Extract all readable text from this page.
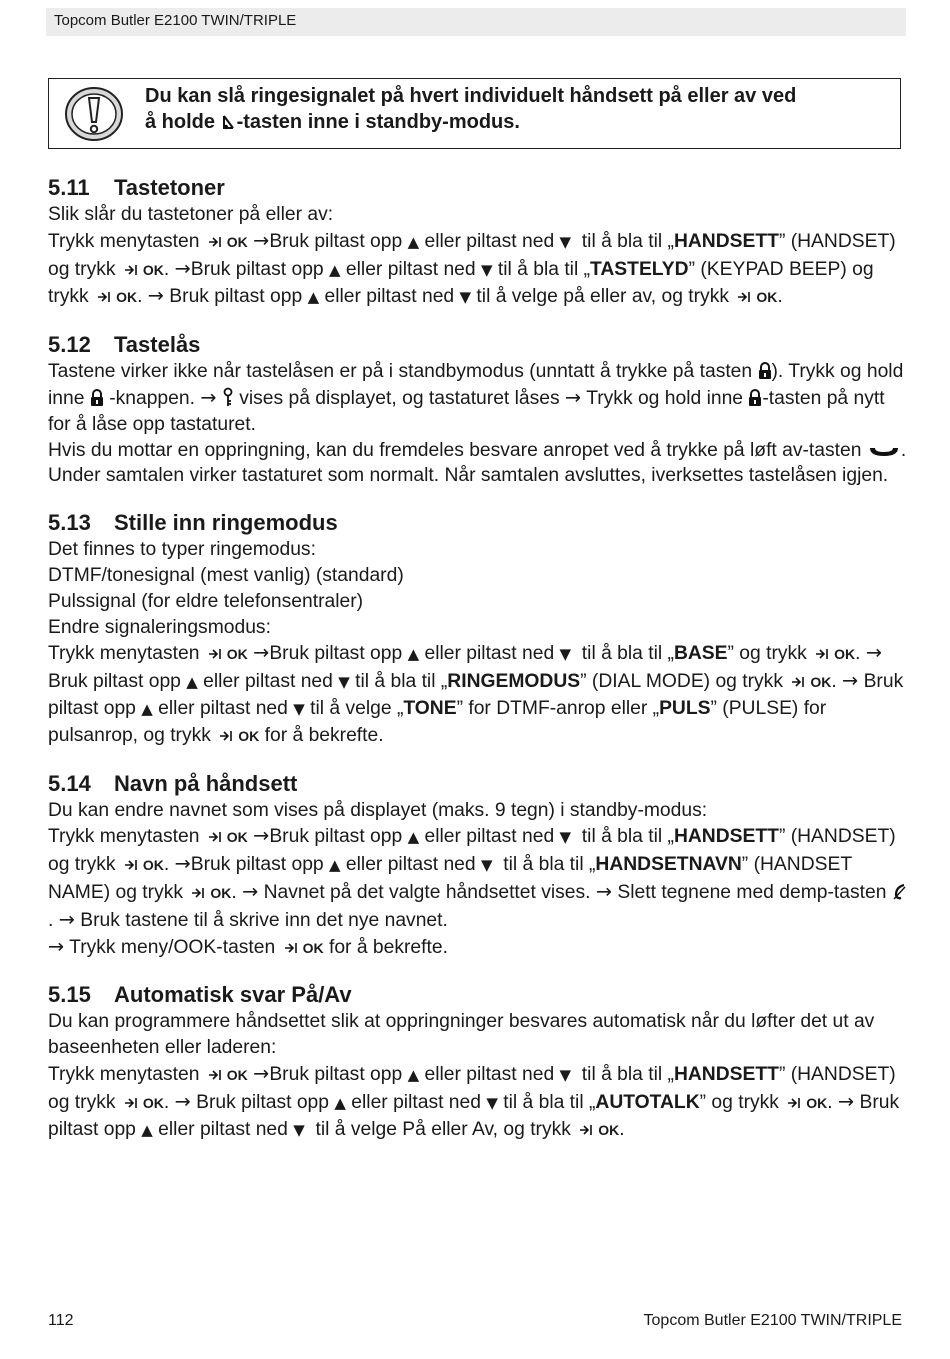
Topcom Butler E2100 TWIN/TRIPLE
Du kan slå ringesignalet på hvert individuelt håndsett på eller av ved
å holde -tasten inne i standby-modus.
5.11 Tastetoner

Slik slår du tastetoner på eller av:

Trykk menytasten OK →Bruk piltast opp ▲ eller piltast ned ▼ til å bla til „HANDSETT” (HANDSET) og trykk OK. →Bruk piltast opp ▲ eller piltast ned ▼ til å bla til „TASTELYD” (KEYPAD BEEP) og trykk OK. → Bruk piltast opp ▲ eller piltast ned ▼ til å velge på eller av, og trykk OK.

5.12 Tastelås

Tastene virker ikke når tastelåsen er på i standbymodus (unntatt å trykke på tasten ). Trykk og hold inne -knappen. → vises på displayet, og tastaturet låses → Trykk og hold inne -tasten på nytt for å låse opp tastaturet.
Hvis du mottar en oppringning, kan du fremdeles besvare anropet ved å trykke på løft av-tasten . Under samtalen virker tastaturet som normalt. Når samtalen avsluttes, iverksettes tastelåsen igjen.

5.13 Stille inn ringemodus

Det finnes to typer ringemodus:
DTMF/tonesignal (mest vanlig) (standard)
Pulssignal (for eldre telefonsentraler)
Endre signaleringsmodus:
Trykk menytasten OK →Bruk piltast opp ▲ eller piltast ned ▼ til å bla til „BASE” og trykk OK. → Bruk piltast opp ▲ eller piltast ned ▼ til å bla til „RINGEMODUS” (DIAL MODE) og trykk OK. → Bruk piltast opp ▲ eller piltast ned ▼ til å velge „TONE” for DTMF-anrop eller „PULS” (PULSE) for pulsanrop, og trykk OK for å bekrefte.

5.14 Navn på håndsett

Du kan endre navnet som vises på displayet (maks. 9 tegn) i standby-modus:
Trykk menytasten OK →Bruk piltast opp ▲ eller piltast ned ▼ til å bla til „HANDSETT” (HANDSET) og trykk OK. →Bruk piltast opp ▲ eller piltast ned ▼ til å bla til „HANDSETNAVN” (HANDSET NAME) og trykk OK. → Navnet på det valgte håndsettet vises. → Slett tegnene med demp-tasten . → Bruk tastene til å skrive inn det nye navnet.
→ Trykk meny/OOK-tasten OK for å bekrefte.

5.15 Automatisk svar På/Av

Du kan programmere håndsettet slik at oppringninger besvares automatisk når du løfter det ut av baseenheten eller laderen:
Trykk menytasten OK →Bruk piltast opp ▲ eller piltast ned ▼ til å bla til „HANDSETT” (HANDSET) og trykk OK. → Bruk piltast opp ▲ eller piltast ned ▼ til å bla til „AUTOTALK” og trykk OK. → Bruk piltast opp ▲ eller piltast ned ▼ til å velge På eller Av, og trykk OK.

112	Topcom Butler E2100 TWIN/TRIPLE
